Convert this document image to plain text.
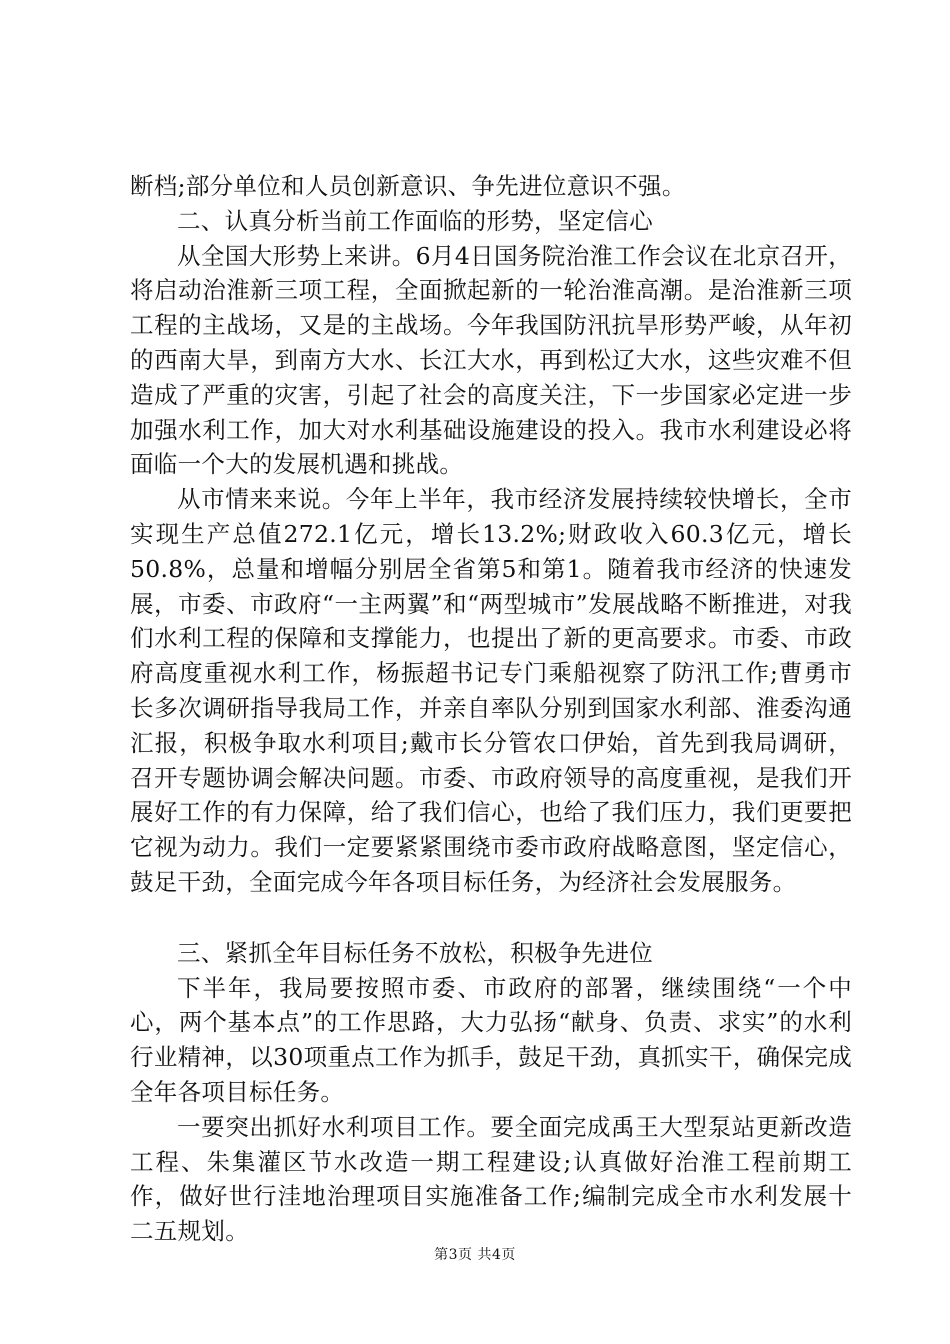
断档;部分单位和人员创新意识、争先进位意识不强。

二、认真分析当前工作面临的形势，坚定信心

从全国大形势上来讲。6月4日国务院治淮工作会议在北京召开，将启动治淮新三项工程，全面掀起新的一轮治淮高潮。是治淮新三项工程的主战场，又是的主战场。今年我国防汛抗旱形势严峻，从年初的西南大旱，到南方大水、长江大水，再到松辽大水，这些灾难不但造成了严重的灾害，引起了社会的高度关注，下一步国家必定进一步加强水利工作，加大对水利基础设施建设的投入。我市水利建设必将面临一个大的发展机遇和挑战。

从市情来来说。今年上半年，我市经济发展持续较快增长，全市实现生产总值272.1亿元，增长13.2%;财政收入60.3亿元，增长50.8%，总量和增幅分别居全省第5和第1。随着我市经济的快速发展，市委、市政府“一主两翼”和“两型城市”发展战略不断推进，对我们水利工程的保障和支撑能力，也提出了新的更高要求。市委、市政府高度重视水利工作，杨振超书记专门乘船视察了防汛工作;曹勇市长多次调研指导我局工作，并亲自率队分别到国家水利部、淮委沟通汇报，积极争取水利项目;戴市长分管农口伊始，首先到我局调研，召开专题协调会解决问题。市委、市政府领导的高度重视，是我们开展好工作的有力保障，给了我们信心，也给了我们压力，我们更要把它视为动力。我们一定要紧紧围绕市委市政府战略意图，坚定信心，鼓足干劲，全面完成今年各项目标任务，为经济社会发展服务。

三、紧抓全年目标任务不放松，积极争先进位

下半年，我局要按照市委、市政府的部署，继续围绕“一个中心，两个基本点”的工作思路，大力弘扬“献身、负责、求实”的水利行业精神，以30项重点工作为抓手，鼓足干劲，真抓实干，确保完成全年各项目标任务。

一要突出抓好水利项目工作。要全面完成禹王大型泵站更新改造工程、朱集灌区节水改造一期工程建设;认真做好治淮工程前期工作，做好世行洼地治理项目实施准备工作;编制完成全市水利发展十二五规划。

第3页 共4页
